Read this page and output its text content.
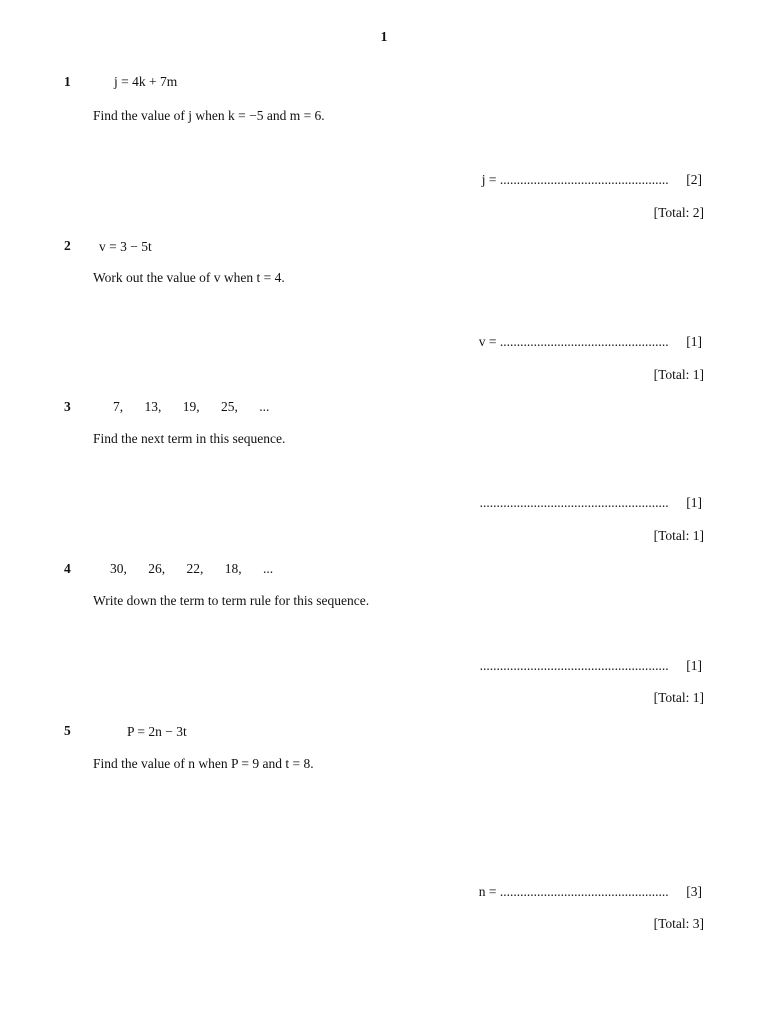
1
1	j = 4k + 7m
Find the value of j when k = −5 and m = 6.
j = .................................................. [2]
[Total: 2]
2 v = 3 − 5t
Work out the value of v when t = 4.
v = .................................................. [1]
[Total: 1]
3	7, 13, 19, 25, ...
Find the next term in this sequence.
........................................................ [1]
[Total: 1]
4	30, 26, 22, 18, ...
Write down the term to term rule for this sequence.
........................................................ [1]
[Total: 1]
5	P = 2n − 3t
Find the value of n when P = 9 and t = 8.
n = .................................................. [3]
[Total: 3]
